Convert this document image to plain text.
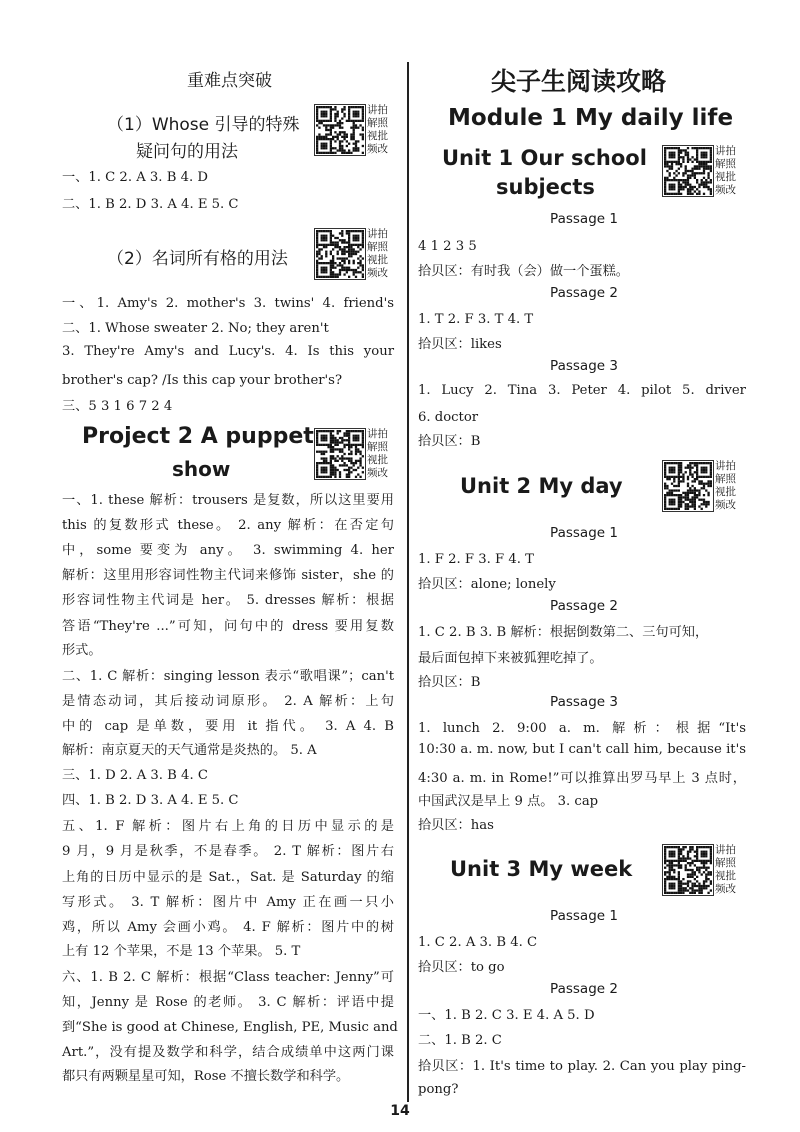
重难点突破
（1）Whose 引导的特殊
疑问句的用法
讲拍
解照
视批
频改
一、1. C 2. A 3. B 4. D
二、1. B 2. D 3. A 4. E 5. C
（2）名词所有格的用法
讲拍
解照
视批
频改
一、1. Amy's 2. mother's 3. twins' 4. friend's
二、1. Whose sweater 2. No; they aren't
3. They're Amy's and Lucy's. 4. Is this your
brother's cap? /Is this cap your brother's?
三、5 3 1 6 7 2 4
Project 2 A puppet
show
讲拍
解照
视批
频改
一、1. these 解析：trousers 是复数，所以这里要用
this 的复数形式 these。 2. any 解析：在否定句
中，some 要变为 any。 3. swimming 4. her
解析：这里用形容词性物主代词来修饰 sister，she 的
形容词性物主代词是 her。 5. dresses 解析：根据
答语“They're ...”可知，问句中的 dress 要用复数
形式。
二、1. C 解析：singing lesson 表示“歌唱课”；can't
是情态动词，其后接动词原形。 2. A 解析：上句
中的 cap 是单数，要用 it 指代。 3. A 4. B
解析：南京夏天的天气通常是炎热的。 5. A
三、1. D 2. A 3. B 4. C
四、1. B 2. D 3. A 4. E 5. C
五、1. F 解析：图片右上角的日历中显示的是
9 月，9 月是秋季，不是春季。 2. T 解析：图片右
上角的日历中显示的是 Sat.，Sat. 是 Saturday 的缩
写形式。 3. T 解析：图片中 Amy 正在画一只小
鸡，所以 Amy 会画小鸡。 4. F 解析：图片中的树
上有 12 个苹果，不是 13 个苹果。 5. T
六、1. B 2. C 解析：根据“Class teacher: Jenny”可
知，Jenny 是 Rose 的老师。 3. C 解析：评语中提
到“She is good at Chinese, English, PE, Music and
Art.”，没有提及数学和科学，结合成绩单中这两门课
都只有两颗星星可知，Rose 不擅长数学和科学。
尖子生阅读攻略
Module 1 My daily life
Unit 1 Our school
subjects
讲拍
解照
视批
频改
Passage 1
4 1 2 3 5
拾贝区：有时我（会）做一个蛋糕。
Passage 2
1. T 2. F 3. T 4. T
拾贝区：likes
Passage 3
1. Lucy 2. Tina 3. Peter 4. pilot 5. driver
6. doctor
拾贝区：B
Unit 2 My day
讲拍
解照
视批
频改
Passage 1
1. F 2. F 3. F 4. T
拾贝区：alone; lonely
Passage 2
1. C 2. B 3. B 解析：根据倒数第二、三句可知，
最后面包掉下来被狐狸吃掉了。
拾贝区：B
Passage 3
1. lunch 2. 9:00 a. m. 解析：根据“It's
10:30 a. m. now, but I can't call him, because it's
4:30 a. m. in Rome!”可以推算出罗马早上 3 点时，
中国武汉是早上 9 点。 3. cap
拾贝区：has
Unit 3 My week
讲拍
解照
视批
频改
Passage 1
1. C 2. A 3. B 4. C
拾贝区：to go
Passage 2
一、1. B 2. C 3. E 4. A 5. D
二、1. B 2. C
拾贝区：1. It's time to play. 2. Can you play ping-
pong?
14
